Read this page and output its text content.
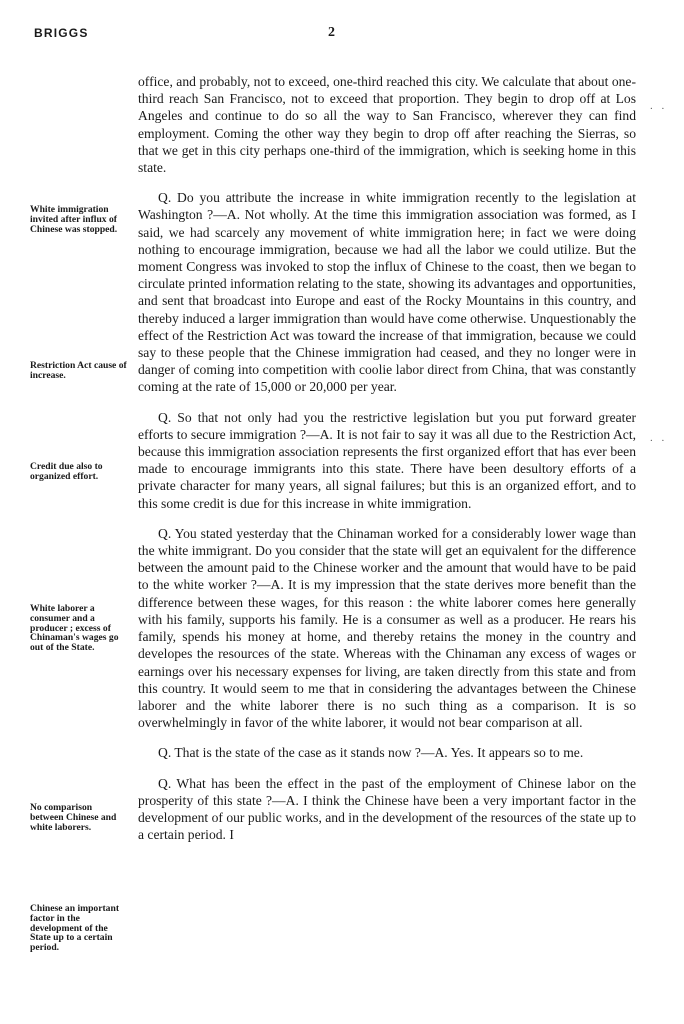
BRIGGS	2

office, and probably, not to exceed, one-third reached this city. We calculate that about one-third reach San Francisco, not to exceed that proportion. They begin to drop off at Los Angeles and continue to do so all the way to San Francisco, wherever they can find employment. Coming the other way they begin to drop off after reaching the Sierras, so that we get in this city perhaps one-third of the immigration, which is seeking home in this state.

Q. Do you attribute the increase in white immigration recently to the legislation at Washington ?—A. Not wholly. At the time this immigration association was formed, as I said, we had scarcely any movement of white immigration here; in fact we were doing nothing to encourage immigration, because we had all the labor we could utilize. But the moment Congress was invoked to stop the influx of Chinese to the coast, then we began to circulate printed information relating to the state, showing its advantages and opportunities, and sent that broadcast into Europe and east of the Rocky Mountains in this country, and thereby induced a larger immigration than would have come otherwise. Unquestionably the effect of the Restriction Act was toward the increase of that immigration, because we could say to these people that the Chinese immigration had ceased, and they no longer were in danger of coming into competition with coolie labor direct from China, that was constantly coming at the rate of 15,000 or 20,000 per year.

Q. So that not only had you the restrictive legislation but you put forward greater efforts to secure immigration ?—A. It is not fair to say it was all due to the Restriction Act, because this immigration association represents the first organized effort that has ever been made to encourage immigrants into this state. There have been desultory efforts of a private character for many years, all signal failures; but this is an organized effort, and to this some credit is due for this increase in white immigration.

Q. You stated yesterday that the Chinaman worked for a considerably lower wage than the white immigrant. Do you consider that the state will get an equivalent for the difference between the amount paid to the Chinese worker and the amount that would have to be paid to the white worker ?—A. It is my impression that the state derives more benefit than the difference between these wages, for this reason : the white laborer comes here generally with his family, supports his family. He is a consumer as well as a producer. He rears his family, spends his money at home, and thereby retains the money in the country and developes the resources of the state. Whereas with the Chinaman any excess of wages or earnings over his necessary expenses for living, are taken directly from this state and from this country. It would seem to me that in considering the advantages between the Chinese laborer and the white laborer there is no such thing as a comparison. It is so overwhelmingly in favor of the white laborer, it would not bear comparison at all.

Q. That is the state of the case as it stands now ?—A. Yes. It appears so to me.

Q. What has been the effect in the past of the employment of Chinese labor on the prosperity of this state ?—A. I think the Chinese have been a very important factor in the development of our public works, and in the development of the resources of the state up to a certain period. I

White immigration invited after influx of Chinese was stopped.
Restriction Act cause of increase.
Credit due also to organized effort.
White laborer a consumer and a producer ; excess of Chinaman's wages go out of the State.
No comparison between Chinese and white laborers.
Chinese an important factor in the development of the State up to a certain period.
. .
. .
